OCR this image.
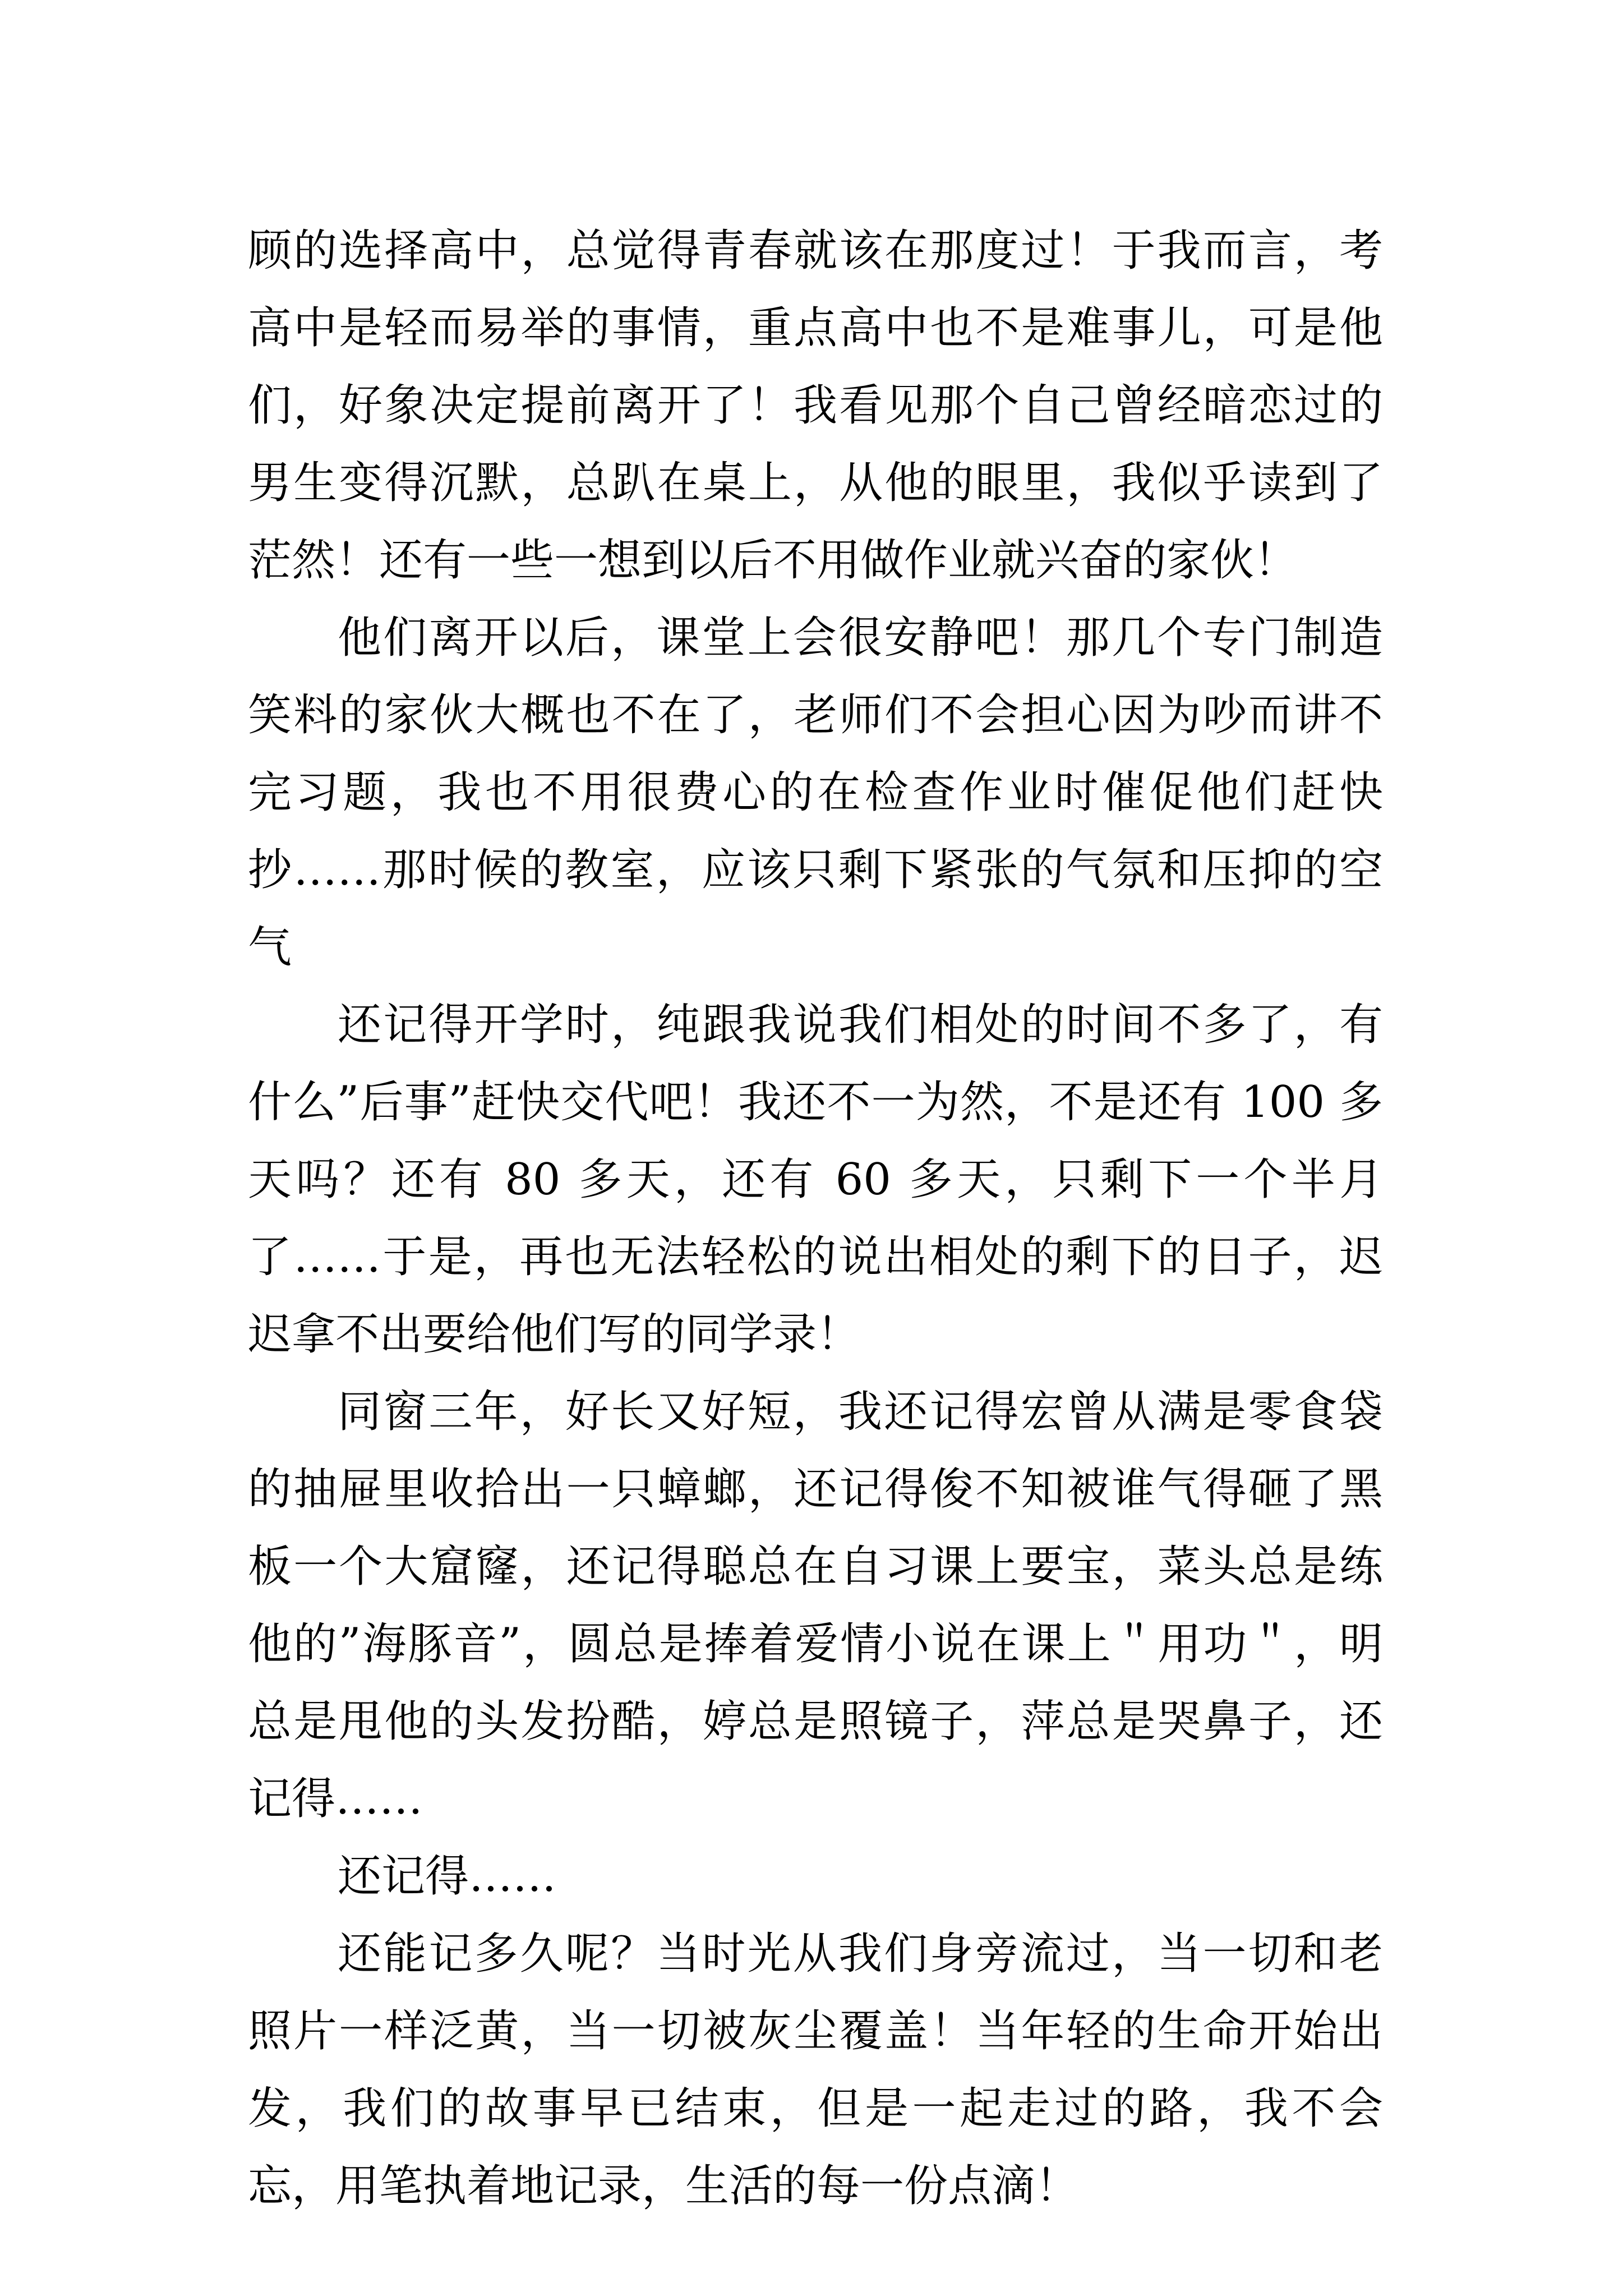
顾的选择高中，总觉得青春就该在那度过！于我而言，考高中是轻而易举的事情，重点高中也不是难事儿，可是他们，好象决定提前离开了！我看见那个自己曾经暗恋过的男生变得沉默，总趴在桌上，从他的眼里，我似乎读到了茫然！还有一些一想到以后不用做作业就兴奋的家伙！

他们离开以后，课堂上会很安静吧！那几个专门制造笑料的家伙大概也不在了，老师们不会担心因为吵而讲不完习题，我也不用很费心的在检查作业时催促他们赶快抄……那时候的教室，应该只剩下紧张的气氛和压抑的空气

还记得开学时，纯跟我说我们相处的时间不多了，有什么”后事”赶快交代吧！我还不一为然，不是还有 100 多天吗？还有 80 多天，还有 60 多天，只剩下一个半月了……于是，再也无法轻松的说出相处的剩下的日子，迟迟拿不出要给他们写的同学录！

同窗三年，好长又好短，我还记得宏曾从满是零食袋的抽屉里收拾出一只蟑螂，还记得俊不知被谁气得砸了黑板一个大窟窿，还记得聪总在自习课上要宝，菜头总是练他的”海豚音”，圆总是捧着爱情小说在课上＂用功＂，明总是甩他的头发扮酷，婷总是照镜子，萍总是哭鼻子，还记得……

还记得……

还能记多久呢？当时光从我们身旁流过，当一切和老照片一样泛黄，当一切被灰尘覆盖！当年轻的生命开始出发，我们的故事早已结束，但是一起走过的路，我不会忘，用笔执着地记录，生活的每一份点滴！
